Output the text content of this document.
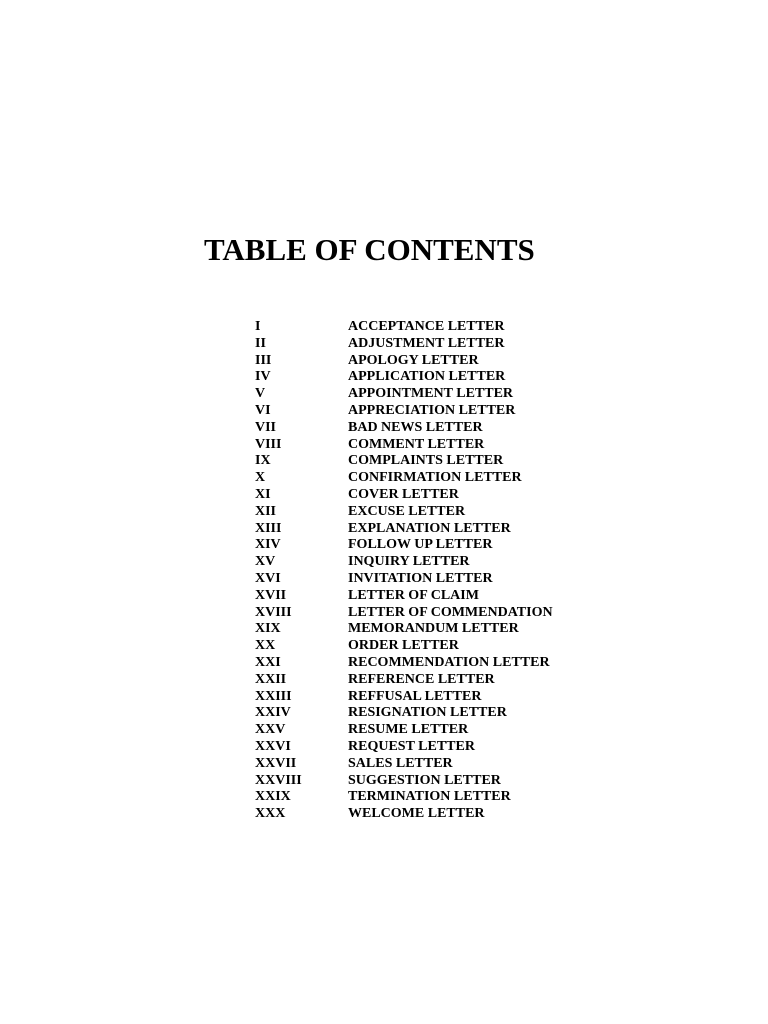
TABLE OF CONTENTS
I	ACCEPTANCE LETTER
II	ADJUSTMENT LETTER
III	APOLOGY LETTER
IV	APPLICATION LETTER
V	APPOINTMENT LETTER
VI	APPRECIATION LETTER
VII	BAD NEWS LETTER
VIII	COMMENT LETTER
IX	COMPLAINTS LETTER
X	CONFIRMATION LETTER
XI	COVER LETTER
XII	EXCUSE LETTER
XIII	EXPLANATION LETTER
XIV	FOLLOW UP LETTER
XV	INQUIRY LETTER
XVI	INVITATION LETTER
XVII	LETTER OF CLAIM
XVIII	LETTER OF COMMENDATION
XIX	MEMORANDUM LETTER
XX	ORDER LETTER
XXI	RECOMMENDATION LETTER
XXII	REFERENCE LETTER
XXIII	REFFUSAL LETTER
XXIV	RESIGNATION LETTER
XXV	RESUME LETTER
XXVI	REQUEST LETTER
XXVII	SALES LETTER
XXVIII	SUGGESTION LETTER
XXIX	TERMINATION LETTER
XXX	WELCOME LETTER
